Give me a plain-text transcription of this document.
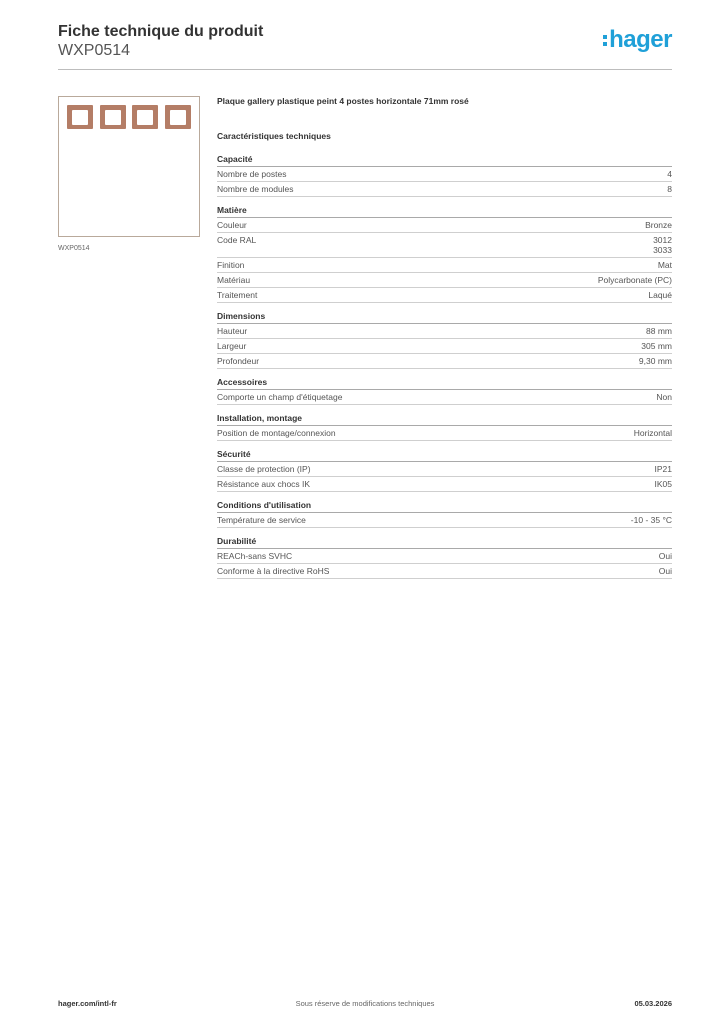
Fiche technique du produit
WXP0514	hager
WXP0514
Plaque gallery plastique peint 4 postes horizontale 71mm rosé
Caractéristiques techniques
Capacité
Nombre de postes	4
Nombre de modules	8
Matière
Couleur	Bronze
Code RAL	3012
3033
Finition	Mat
Matériau	Polycarbonate (PC)
Traitement	Laqué
Dimensions
Hauteur	88 mm
Largeur	305 mm
Profondeur	9,30 mm
Accessoires
Comporte un champ d'étiquetage	Non
Installation, montage
Position de montage/connexion	Horizontal
Sécurité
Classe de protection (IP)	IP21
Résistance aux chocs IK	IK05
Conditions d'utilisation
Température de service	-10 - 35 °C
Durabilité
REACh-sans SVHC	Oui
Conforme à la directive RoHS	Oui
hager.com/intl-fr	Sous réserve de modifications techniques	05.03.2026
